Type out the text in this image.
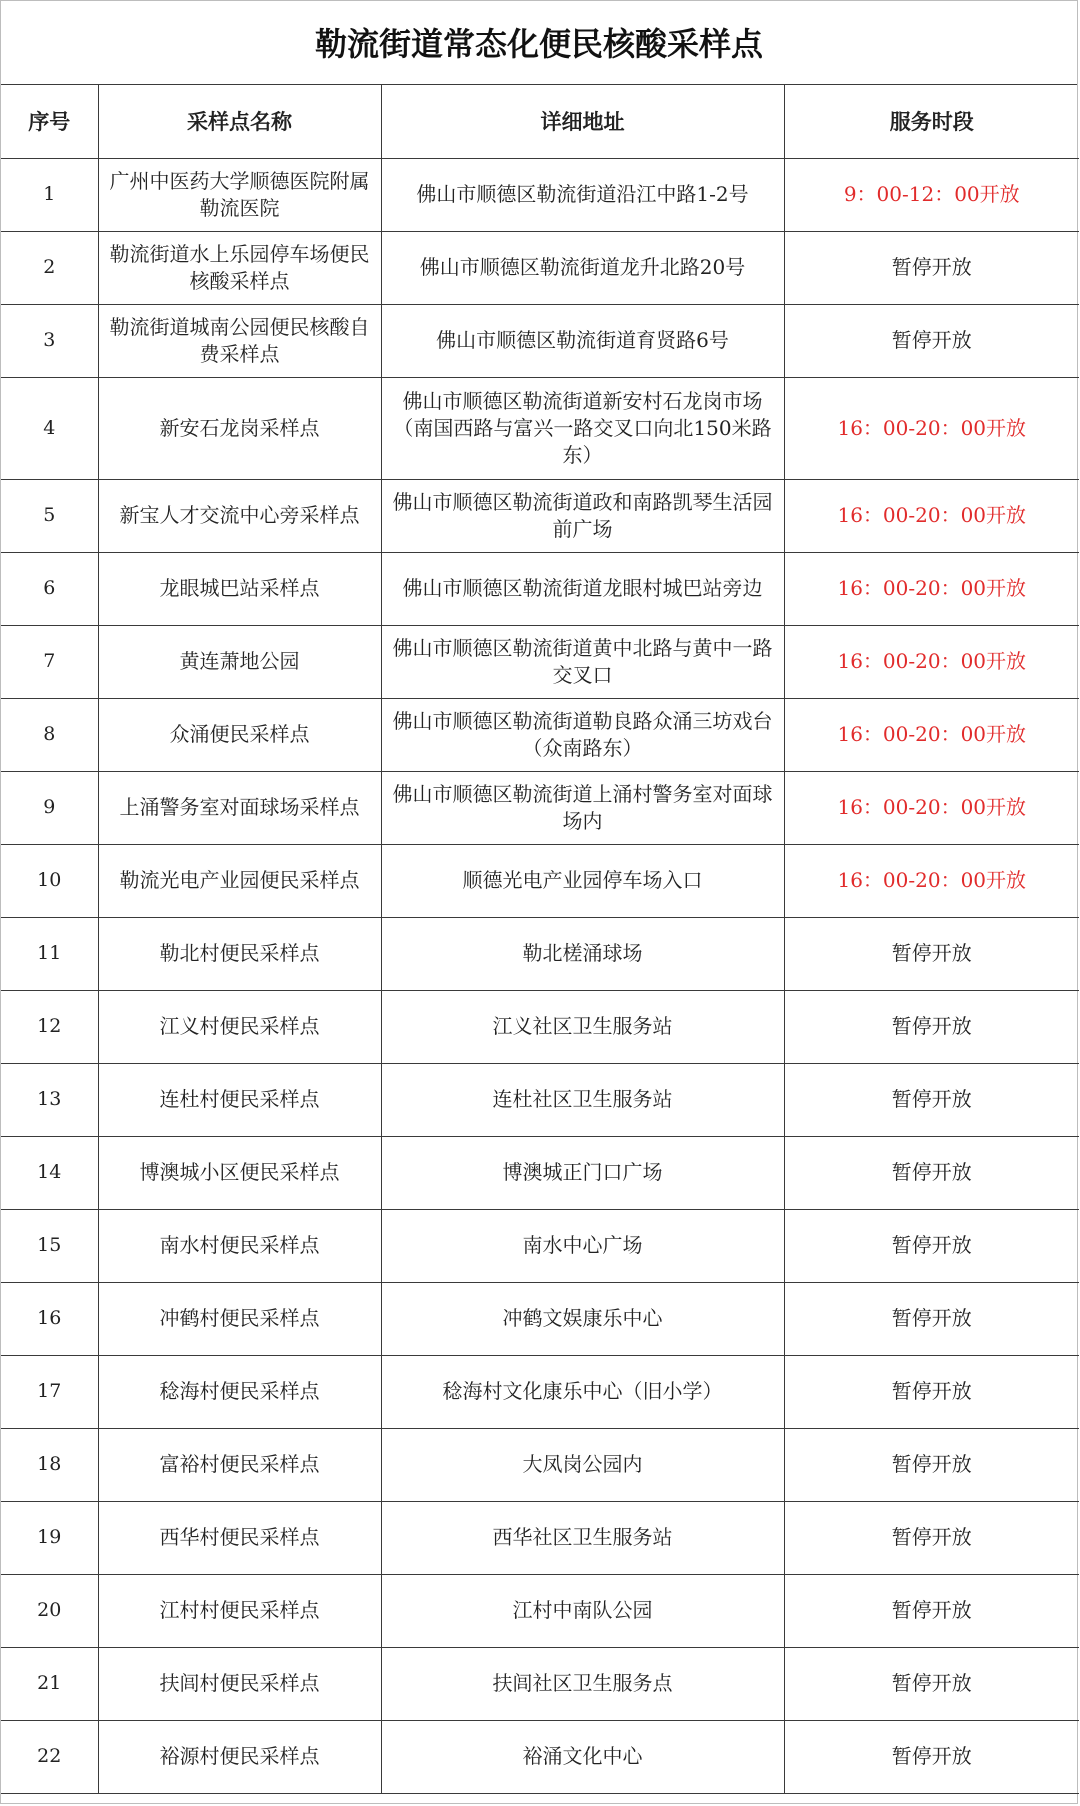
勒流街道常态化便民核酸采样点
序号	采样点名称	详细地址	服务时段
1	广州中医药大学顺德医院附属勒流医院	佛山市顺德区勒流街道沿江中路1-2号	9：00-12：00开放
2	勒流街道水上乐园停车场便民核酸采样点	佛山市顺德区勒流街道龙升北路20号	暂停开放
3	勒流街道城南公园便民核酸自费采样点	佛山市顺德区勒流街道育贤路6号	暂停开放
4	新安石龙岗采样点	佛山市顺德区勒流街道新安村石龙岗市场（南国西路与富兴一路交叉口向北150米路东）	16：00-20：00开放
5	新宝人才交流中心旁采样点	佛山市顺德区勒流街道政和南路凯琴生活园前广场	16：00-20：00开放
6	龙眼城巴站采样点	佛山市顺德区勒流街道龙眼村城巴站旁边	16：00-20：00开放
7	黄连萧地公园	佛山市顺德区勒流街道黄中北路与黄中一路交叉口	16：00-20：00开放
8	众涌便民采样点	佛山市顺德区勒流街道勒良路众涌三坊戏台（众南路东）	16：00-20：00开放
9	上涌警务室对面球场采样点	佛山市顺德区勒流街道上涌村警务室对面球场内	16：00-20：00开放
10	勒流光电产业园便民采样点	顺德光电产业园停车场入口	16：00-20：00开放
11	勒北村便民采样点	勒北槎涌球场	暂停开放
12	江义村便民采样点	江义社区卫生服务站	暂停开放
13	连杜村便民采样点	连杜社区卫生服务站	暂停开放
14	博澳城小区便民采样点	博澳城正门口广场	暂停开放
15	南水村便民采样点	南水中心广场	暂停开放
16	冲鹤村便民采样点	冲鹤文娱康乐中心	暂停开放
17	稔海村便民采样点	稔海村文化康乐中心（旧小学）	暂停开放
18	富裕村便民采样点	大凤岗公园内	暂停开放
19	西华村便民采样点	西华社区卫生服务站	暂停开放
20	江村村便民采样点	江村中南队公园	暂停开放
21	扶闾村便民采样点	扶闾社区卫生服务点	暂停开放
22	裕源村便民采样点	裕涌文化中心	暂停开放
